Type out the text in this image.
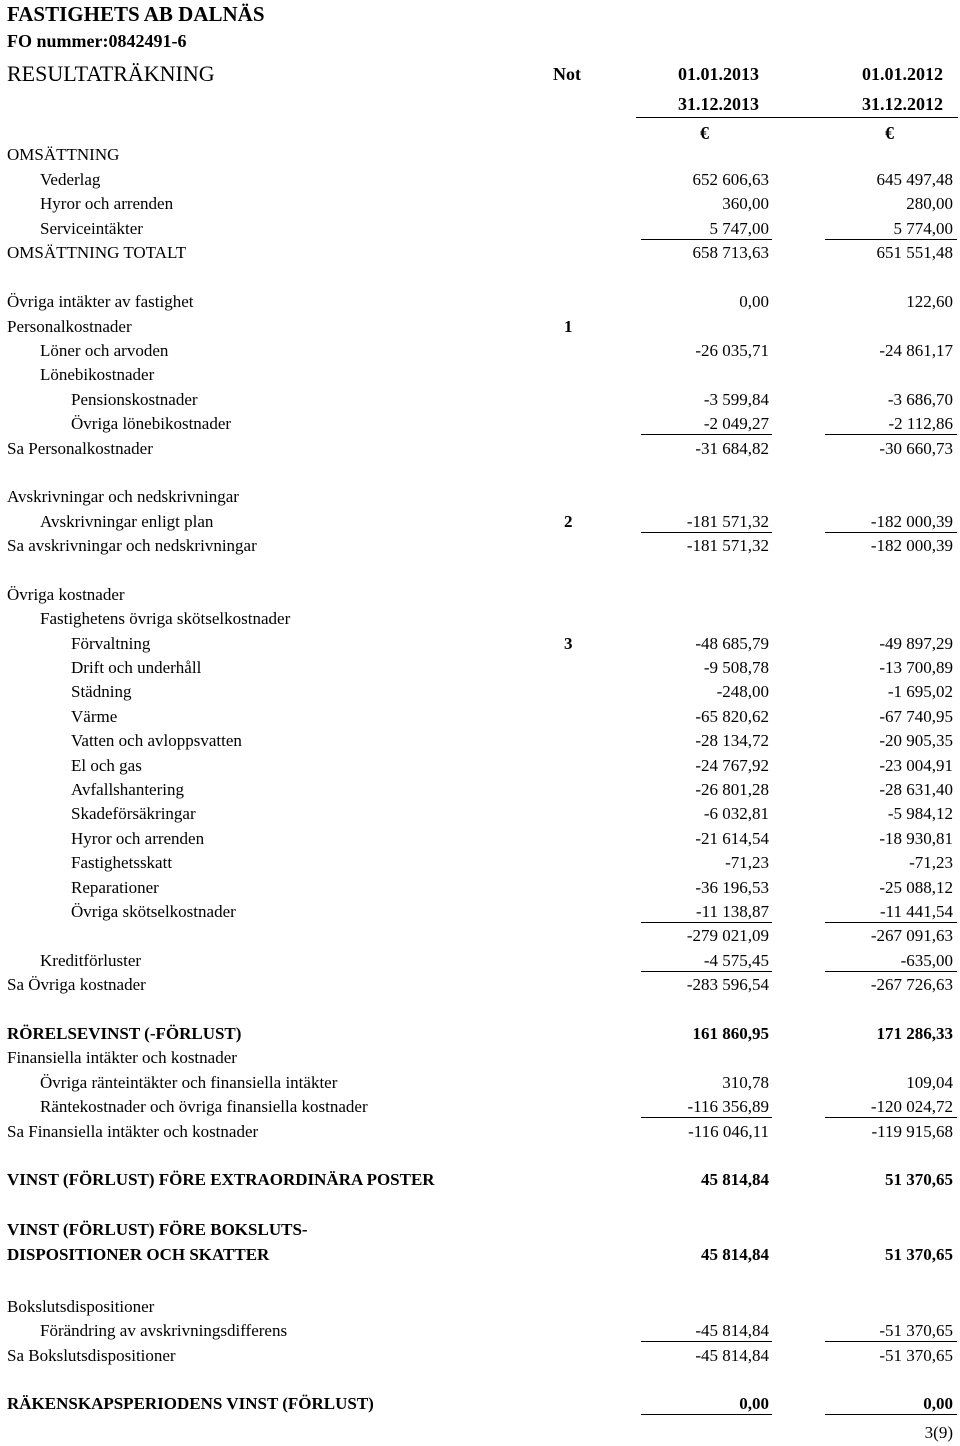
FASTIGHETS AB DALNÄS
FO nummer:0842491-6
RESULTATRÄKNING	Not	01.01.2013	01.01.2012
31.12.2013	31.12.2012
€	€
OMSÄTTNING
Vederlag	652 606,63	645 497,48
Hyror och arrenden	360,00	280,00
Serviceintäkter	5 747,00	5 774,00
OMSÄTTNING TOTALT	658 713,63	651 551,48
Övriga intäkter av fastighet	0,00	122,60
Personalkostnader	1
Löner och arvoden	-26 035,71	-24 861,17
Lönebikostnader
Pensionskostnader	-3 599,84	-3 686,70
Övriga lönebikostnader	-2 049,27	-2 112,86
Sa Personalkostnader	-31 684,82	-30 660,73
Avskrivningar och nedskrivningar
Avskrivningar enligt plan	2	-181 571,32	-182 000,39
Sa avskrivningar och nedskrivningar	-181 571,32	-182 000,39
Övriga kostnader
Fastighetens övriga skötselkostnader
Förvaltning	3	-48 685,79	-49 897,29
Drift och underhåll	-9 508,78	-13 700,89
Städning	-248,00	-1 695,02
Värme	-65 820,62	-67 740,95
Vatten och avloppsvatten	-28 134,72	-20 905,35
El och gas	-24 767,92	-23 004,91
Avfallshantering	-26 801,28	-28 631,40
Skadeförsäkringar	-6 032,81	-5 984,12
Hyror och arrenden	-21 614,54	-18 930,81
Fastighetsskatt	-71,23	-71,23
Reparationer	-36 196,53	-25 088,12
Övriga skötselkostnader	-11 138,87	-11 441,54
-279 021,09	-267 091,63
Kreditförluster	-4 575,45	-635,00
Sa Övriga kostnader	-283 596,54	-267 726,63
RÖRELSEVINST (-FÖRLUST)	161 860,95	171 286,33
Finansiella intäkter och kostnader
Övriga ränteintäkter och finansiella intäkter	310,78	109,04
Räntekostnader och övriga finansiella kostnader	-116 356,89	-120 024,72
Sa Finansiella intäkter och kostnader	-116 046,11	-119 915,68
VINST (FÖRLUST) FÖRE EXTRAORDINÄRA POSTER	45 814,84	51 370,65
VINST (FÖRLUST) FÖRE BOKSLUTS-
DISPOSITIONER OCH SKATTER	45 814,84	51 370,65
Bokslutsdispositioner
Förändring av avskrivningsdifferens	-45 814,84	-51 370,65
Sa Bokslutsdispositioner	-45 814,84	-51 370,65
RÄKENSKAPSPERIODENS VINST (FÖRLUST)	0,00	0,00
3(9)
